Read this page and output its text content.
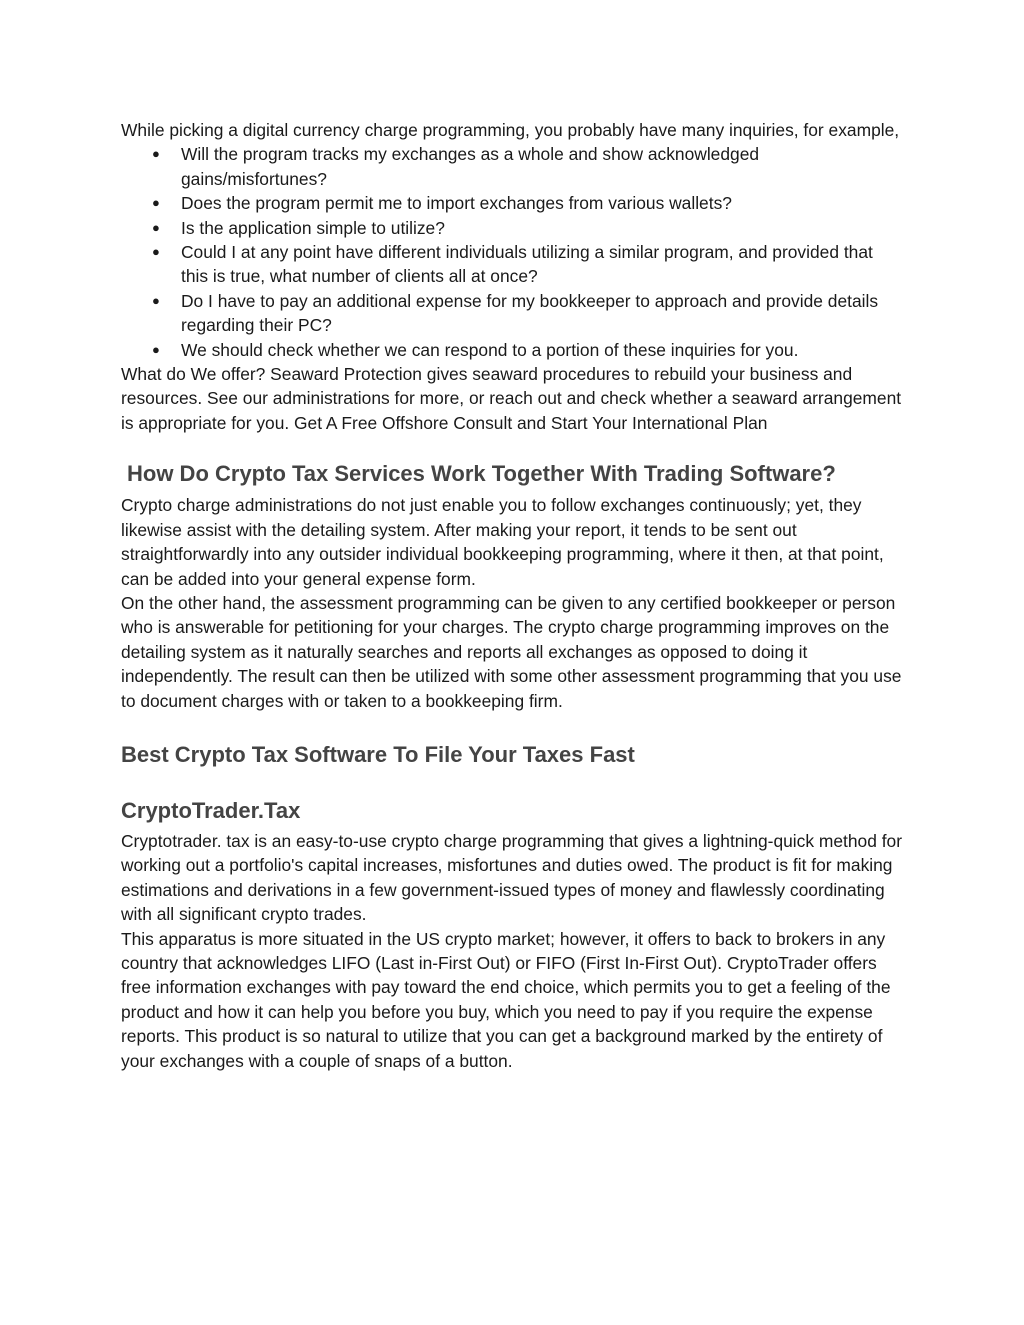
While picking a digital currency charge programming, you probably have many inquiries, for example,

● Will the program tracks my exchanges as a whole and show acknowledged gains/misfortunes?
● Does the program permit me to import exchanges from various wallets?
● Is the application simple to utilize?
● Could I at any point have different individuals utilizing a similar program, and provided that this is true, what number of clients all at once?
● Do I have to pay an additional expense for my bookkeeper to approach and provide details regarding their PC?
● We should check whether we can respond to a portion of these inquiries for you.

What do We offer? Seaward Protection gives seaward procedures to rebuild your business and resources. See our administrations for more, or reach out and check whether a seaward arrangement is appropriate for you. Get A Free Offshore Consult and Start Your International Plan

How Do Crypto Tax Services Work Together With Trading Software?

Crypto charge administrations do not just enable you to follow exchanges continuously; yet, they likewise assist with the detailing system. After making your report, it tends to be sent out straightforwardly into any outsider individual bookkeeping programming, where it then, at that point, can be added into your general expense form.

On the other hand, the assessment programming can be given to any certified bookkeeper or person who is answerable for petitioning for your charges. The crypto charge programming improves on the detailing system as it naturally searches and reports all exchanges as opposed to doing it independently. The result can then be utilized with some other assessment programming that you use to document charges with or taken to a bookkeeping firm.

Best Crypto Tax Software To File Your Taxes Fast
CryptoTrader.Tax

Cryptotrader. tax is an easy-to-use crypto charge programming that gives a lightning-quick method for working out a portfolio's capital increases, misfortunes and duties owed. The product is fit for making estimations and derivations in a few government-issued types of money and flawlessly coordinating with all significant crypto trades.

This apparatus is more situated in the US crypto market; however, it offers to back to brokers in any country that acknowledges LIFO (Last in-First Out) or FIFO (First In-First Out). CryptoTrader offers free information exchanges with pay toward the end choice, which permits you to get a feeling of the product and how it can help you before you buy, which you need to pay if you require the expense reports. This product is so natural to utilize that you can get a background marked by the entirety of your exchanges with a couple of snaps of a button.
